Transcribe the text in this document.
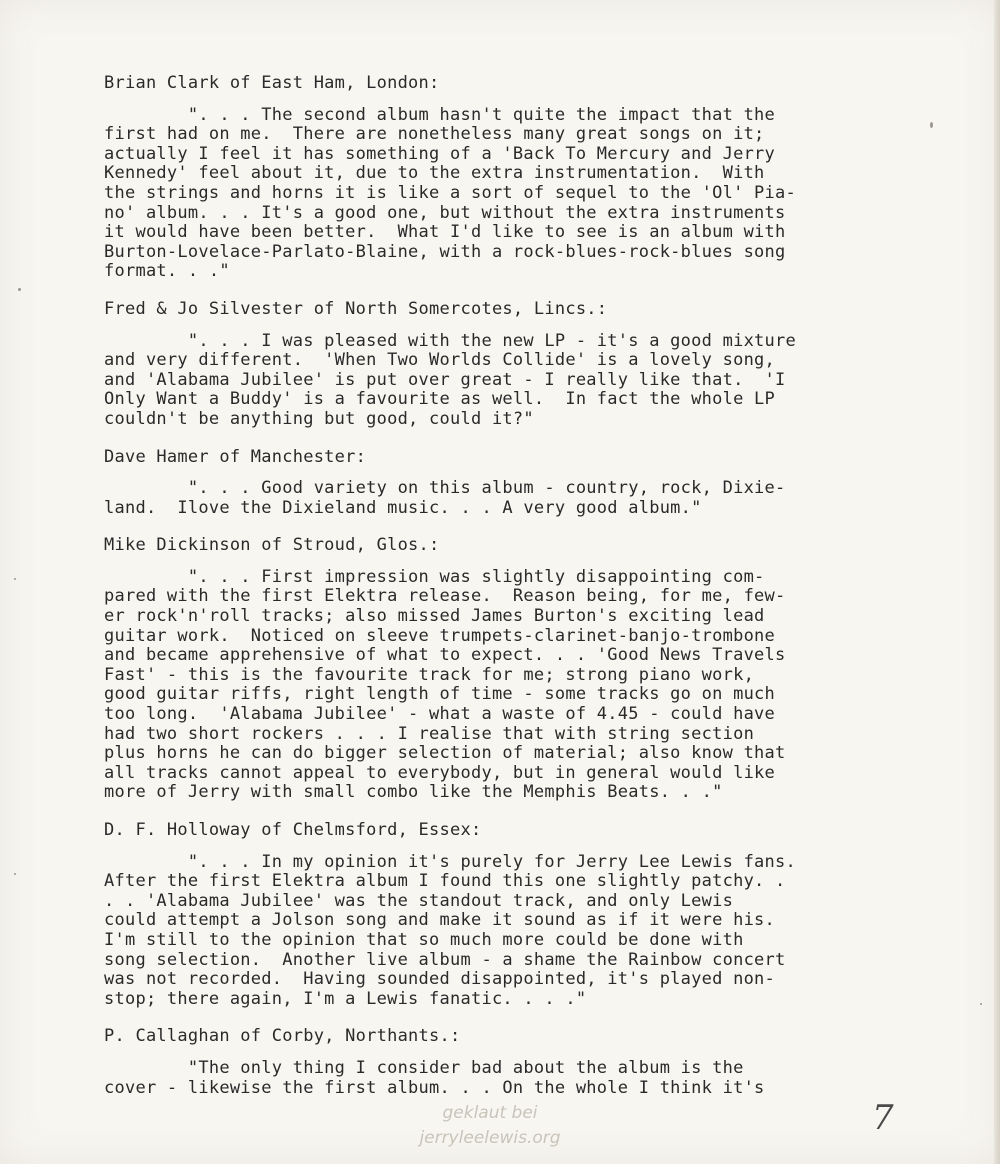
Brian Clark of East Ham, London:
". . . The second album hasn't quite the impact that the
first had on me.  There are nonetheless many great songs on it;
actually I feel it has something of a 'Back To Mercury and Jerry
Kennedy' feel about it, due to the extra instrumentation.  With
the strings and horns it is like a sort of sequel to the 'Ol' Pia-
no' album. . . It's a good one, but without the extra instruments
it would have been better.  What I'd like to see is an album with
Burton-Lovelace-Parlato-Blaine, with a rock-blues-rock-blues song
format. . ."
Fred & Jo Silvester of North Somercotes, Lincs.:
". . . I was pleased with the new LP - it's a good mixture
and very different.  'When Two Worlds Collide' is a lovely song,
and 'Alabama Jubilee' is put over great - I really like that.  'I
Only Want a Buddy' is a favourite as well.  In fact the whole LP
couldn't be anything but good, could it?"
Dave Hamer of Manchester:
". . . Good variety on this album - country, rock, Dixie-
land.  Ilove the Dixieland music. . . A very good album."
Mike Dickinson of Stroud, Glos.:
". . . First impression was slightly disappointing com-
pared with the first Elektra release.  Reason being, for me, few-
er rock'n'roll tracks; also missed James Burton's exciting lead
guitar work.  Noticed on sleeve trumpets-clarinet-banjo-trombone
and became apprehensive of what to expect. . . 'Good News Travels
Fast' - this is the favourite track for me; strong piano work,
good guitar riffs, right length of time - some tracks go on much
too long.  'Alabama Jubilee' - what a waste of 4.45 - could have
had two short rockers . . . I realise that with string section
plus horns he can do bigger selection of material; also know that
all tracks cannot appeal to everybody, but in general would like
more of Jerry with small combo like the Memphis Beats. . ."
D. F. Holloway of Chelmsford, Essex:
". . . In my opinion it's purely for Jerry Lee Lewis fans.
After the first Elektra album I found this one slightly patchy. .
. . 'Alabama Jubilee' was the standout track, and only Lewis
could attempt a Jolson song and make it sound as if it were his.
I'm still to the opinion that so much more could be done with
song selection.  Another live album - a shame the Rainbow concert
was not recorded.  Having sounded disappointed, it's played non-
stop; there again, I'm a Lewis fanatic. . . ."
P. Callaghan of Corby, Northants.:
"The only thing I consider bad about the album is the
cover - likewise the first album. . . On the whole I think it's
geklaut bei
jerryleelewis.org	7
